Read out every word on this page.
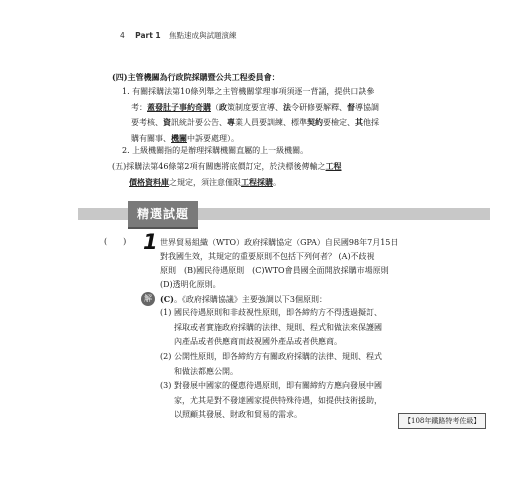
4 Part 1 焦點速成與試題演練
(四)主管機關為行政院採購暨公共工程委員會：
1. 有關採購法第10條列舉之主管機關掌理事項須逐一背誦，提供口訣參
考：蓋發肚子事約奇購（政策制度要宣導、法令研修要解釋、督導協調
要考核、資訊統計要公告、專業人員要訓練、標準契約要檢定、其他採
購有關事、機關中訴要處理）。
2. 上級機關指的是辦理採購機關直屬的上一級機關。
(五)採購法第46條第2項有關應將底價訂定，於決標後傳輸之工程
價格資料庫之規定，須注意僅限工程採購。
精選試題
(　　) 1 世界貿易組織（WTO）政府採購協定（GPA）自民國98年7月15日
對我國生效，其規定的重要原則不包括下列何者？ (A)不歧視
原則　(B)國民待遇原則　(C)WTO會員國全面開放採購市場原則
(D)透明化原則。
解	(C)。《政府採購協議》主要強調以下3個原則：
(1) 國民待遇原則和非歧視性原則，即各締約方不得透過擬訂、
採取或者實施政府採購的法律、規則、程式和做法來保護國
內產品或者供應商而歧視國外產品或者供應商。
(2) 公開性原則，即各締約方有關政府採購的法律、規則、程式
和做法都應公開。
(3) 對發展中國家的優惠待遇原則，即有關締約方應向發展中國
家，尤其是對不發達國家提供特殊待遇，如提供技術援助，
以照顧其發展、財政和貿易的需求。
【108年鐵路特考佐級】
